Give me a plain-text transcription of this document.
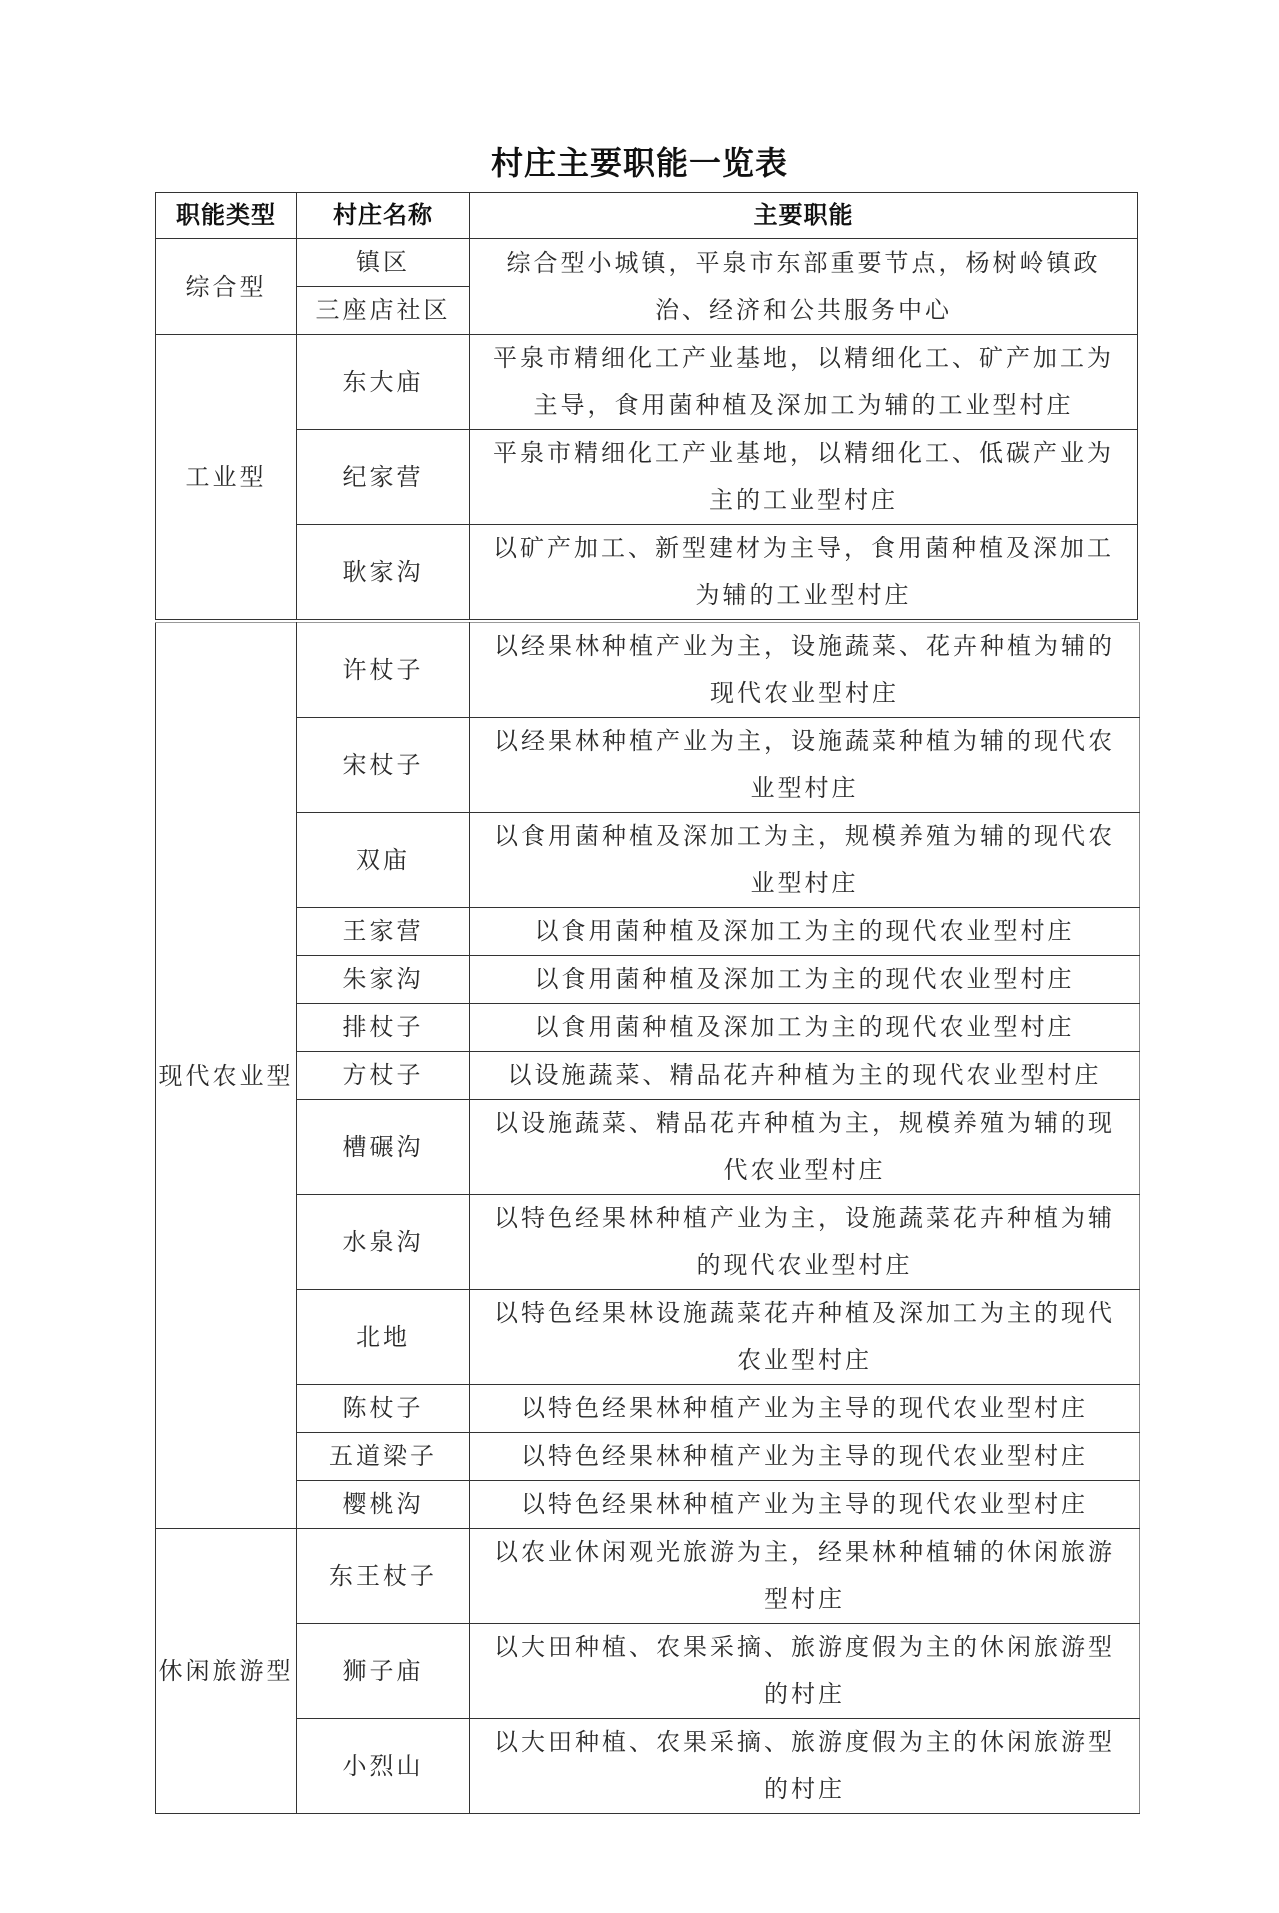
村庄主要职能一览表
职能类型	村庄名称	主要职能
综合型	镇区	综合型小城镇，平泉市东部重要节点，杨树岭镇政治、经济和公共服务中心
	三座店社区	
工业型	东大庙	平泉市精细化工产业基地，以精细化工、矿产加工为主导，食用菌种植及深加工为辅的工业型村庄
	纪家营	平泉市精细化工产业基地，以精细化工、低碳产业为主的工业型村庄
	耿家沟	以矿产加工、新型建材为主导，食用菌种植及深加工为辅的工业型村庄
现代农业型	许杖子	以经果林种植产业为主，设施蔬菜、花卉种植为辅的现代农业型村庄
	宋杖子	以经果林种植产业为主，设施蔬菜种植为辅的现代农业型村庄
	双庙	以食用菌种植及深加工为主，规模养殖为辅的现代农业型村庄
	王家营	以食用菌种植及深加工为主的现代农业型村庄
	朱家沟	以食用菌种植及深加工为主的现代农业型村庄
	排杖子	以食用菌种植及深加工为主的现代农业型村庄
	方杖子	以设施蔬菜、精品花卉种植为主的现代农业型村庄
	槽碾沟	以设施蔬菜、精品花卉种植为主，规模养殖为辅的现代农业型村庄
	水泉沟	以特色经果林种植产业为主，设施蔬菜花卉种植为辅的现代农业型村庄
	北地	以特色经果林设施蔬菜花卉种植及深加工为主的现代农业型村庄
	陈杖子	以特色经果林种植产业为主导的现代农业型村庄
	五道梁子	以特色经果林种植产业为主导的现代农业型村庄
	樱桃沟	以特色经果林种植产业为主导的现代农业型村庄
休闲旅游型	东王杖子	以农业休闲观光旅游为主，经果林种植辅的休闲旅游型村庄
	狮子庙	以大田种植、农果采摘、旅游度假为主的休闲旅游型的村庄
	小烈山	以大田种植、农果采摘、旅游度假为主的休闲旅游型的村庄
